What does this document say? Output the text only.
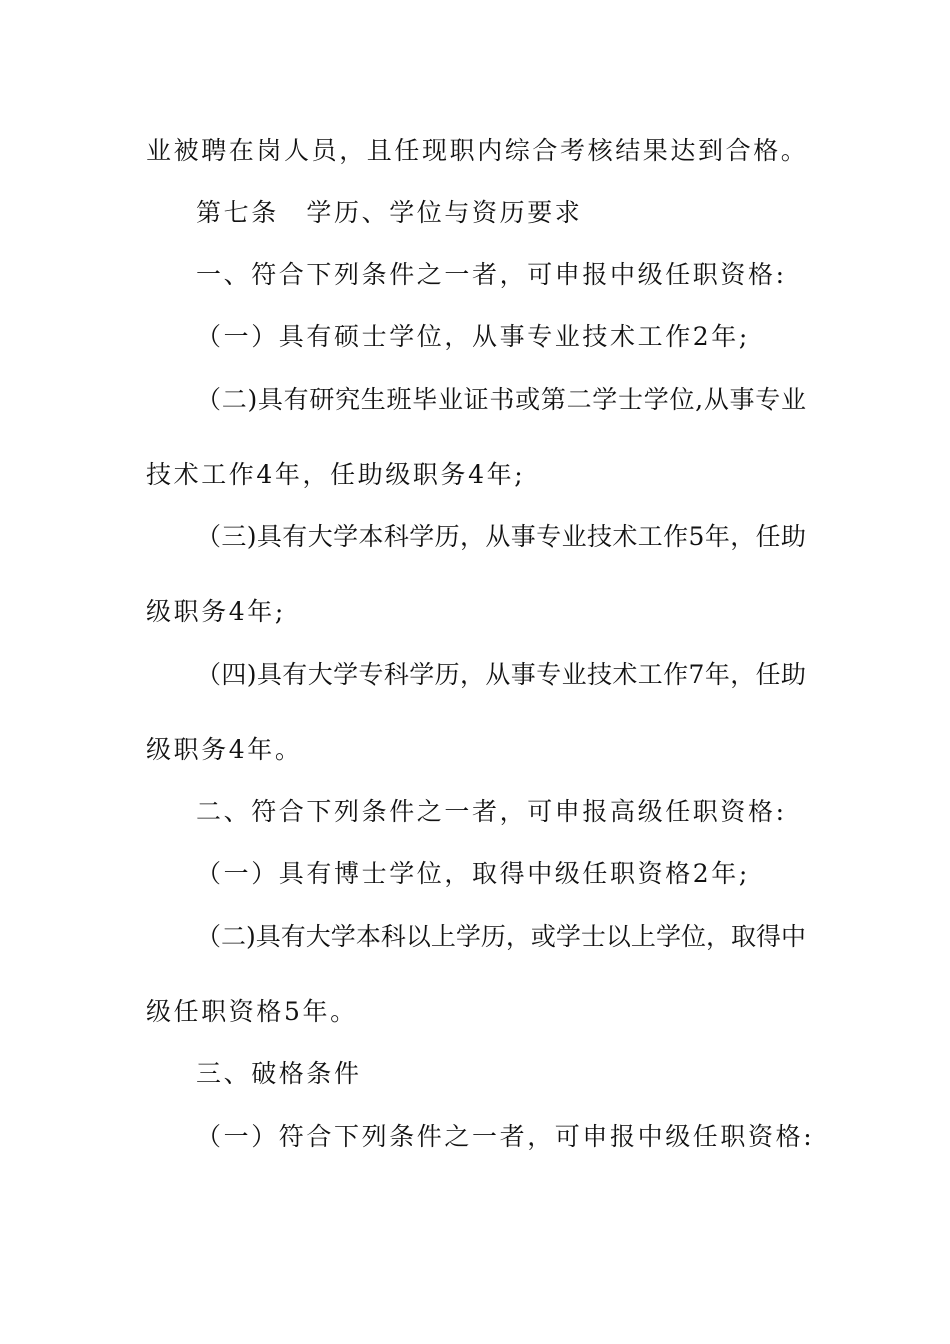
业被聘在岗人员，且任现职内综合考核结果达到合格。
第七条　学历、学位与资历要求
一、符合下列条件之一者，可申报中级任职资格:
（一）具有硕士学位，从事专业技术工作2年;
（二)具有研究生班毕业证书或第二学士学位,从事专业
技术工作4年，任助级职务4年;
（三)具有大学本科学历，从事专业技术工作5年，任助
级职务4年;
（四)具有大学专科学历，从事专业技术工作7年，任助
级职务4年。
二、符合下列条件之一者，可申报高级任职资格:
（一）具有博士学位，取得中级任职资格2年;
（二)具有大学本科以上学历，或学士以上学位，取得中
级任职资格5年。
三、破格条件
（一）符合下列条件之一者，可申报中级任职资格:
